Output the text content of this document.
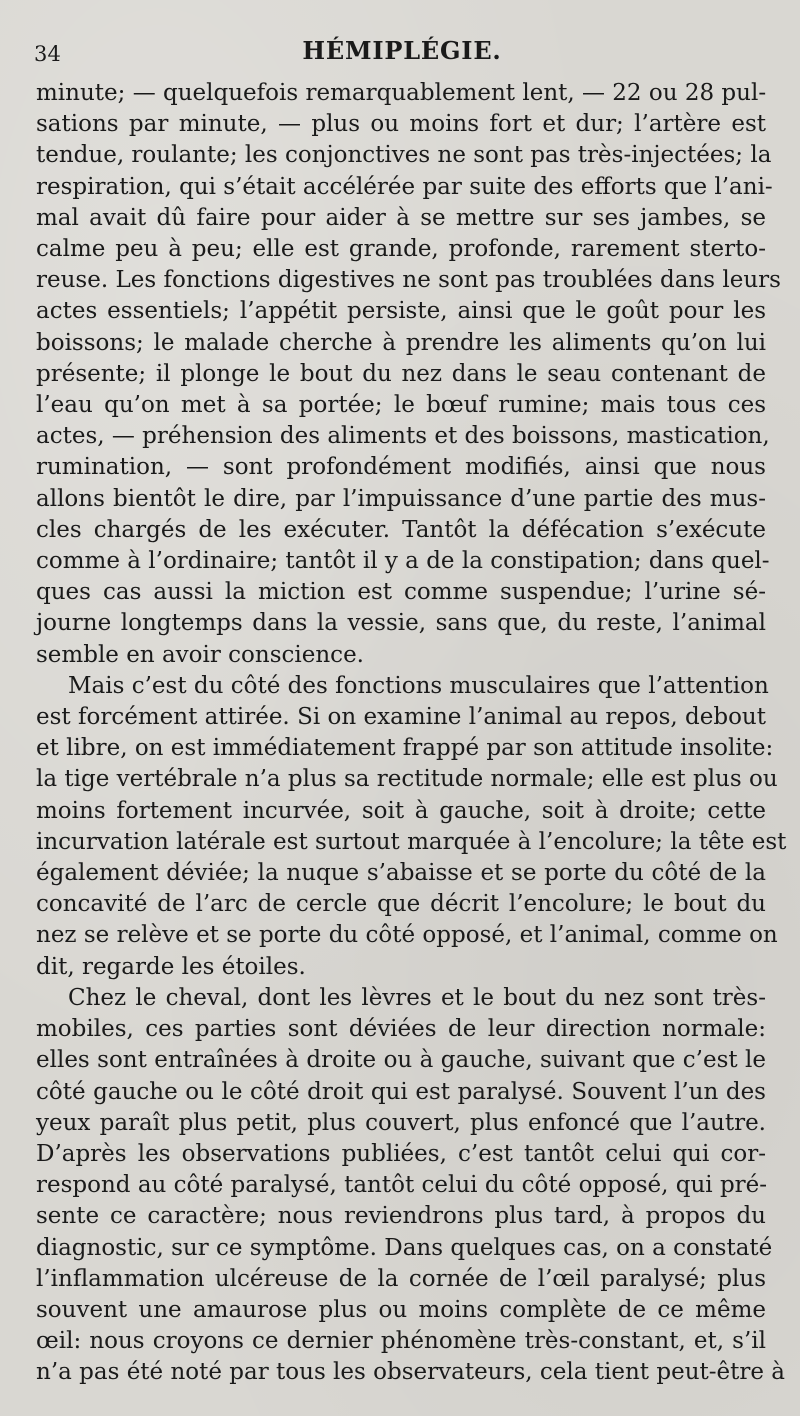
34	HÉMIPLÉGIE.
minute; — quelquefois remarquablement lent, — 22 ou 28 pul-
sations par minute, — plus ou moins fort et dur; l’artère est
tendue, roulante; les conjonctives ne sont pas très-injectées; la
respiration, qui s’était accélérée par suite des efforts que l’ani-
mal avait dû faire pour aider à se mettre sur ses jambes, se
calme peu à peu; elle est grande, profonde, rarement sterto-
reuse. Les fonctions digestives ne sont pas troublées dans leurs
actes essentiels; l’appétit persiste, ainsi que le goût pour les
boissons; le malade cherche à prendre les aliments qu’on lui
présente; il plonge le bout du nez dans le seau contenant de
l’eau qu’on met à sa portée; le bœuf rumine; mais tous ces
actes, — préhension des aliments et des boissons, mastication,
rumination, — sont profondément modifiés, ainsi que nous
allons bientôt le dire, par l’impuissance d’une partie des mus-
cles chargés de les exécuter. Tantôt la défécation s’exécute
comme à l’ordinaire; tantôt il y a de la constipation; dans quel-
ques cas aussi la miction est comme suspendue; l’urine sé-
journe longtemps dans la vessie, sans que, du reste, l’animal
semble en avoir conscience.
Mais c’est du côté des fonctions musculaires que l’attention
est forcément attirée. Si on examine l’animal au repos, debout
et libre, on est immédiatement frappé par son attitude insolite:
la tige vertébrale n’a plus sa rectitude normale; elle est plus ou
moins fortement incurvée, soit à gauche, soit à droite; cette
incurvation latérale est surtout marquée à l’encolure; la tête est
également déviée; la nuque s’abaisse et se porte du côté de la
concavité de l’arc de cercle que décrit l’encolure; le bout du
nez se relève et se porte du côté opposé, et l’animal, comme on
dit, regarde les étoiles.
Chez le cheval, dont les lèvres et le bout du nez sont très-
mobiles, ces parties sont déviées de leur direction normale:
elles sont entraînées à droite ou à gauche, suivant que c’est le
côté gauche ou le côté droit qui est paralysé. Souvent l’un des
yeux paraît plus petit, plus couvert, plus enfoncé que l’autre.
D’après les observations publiées, c’est tantôt celui qui cor-
respond au côté paralysé, tantôt celui du côté opposé, qui pré-
sente ce caractère; nous reviendrons plus tard, à propos du
diagnostic, sur ce symptôme. Dans quelques cas, on a constaté
l’inflammation ulcéreuse de la cornée de l’œil paralysé; plus
souvent une amaurose plus ou moins complète de ce même
œil: nous croyons ce dernier phénomène très-constant, et, s’il
n’a pas été noté par tous les observateurs, cela tient peut-être à
